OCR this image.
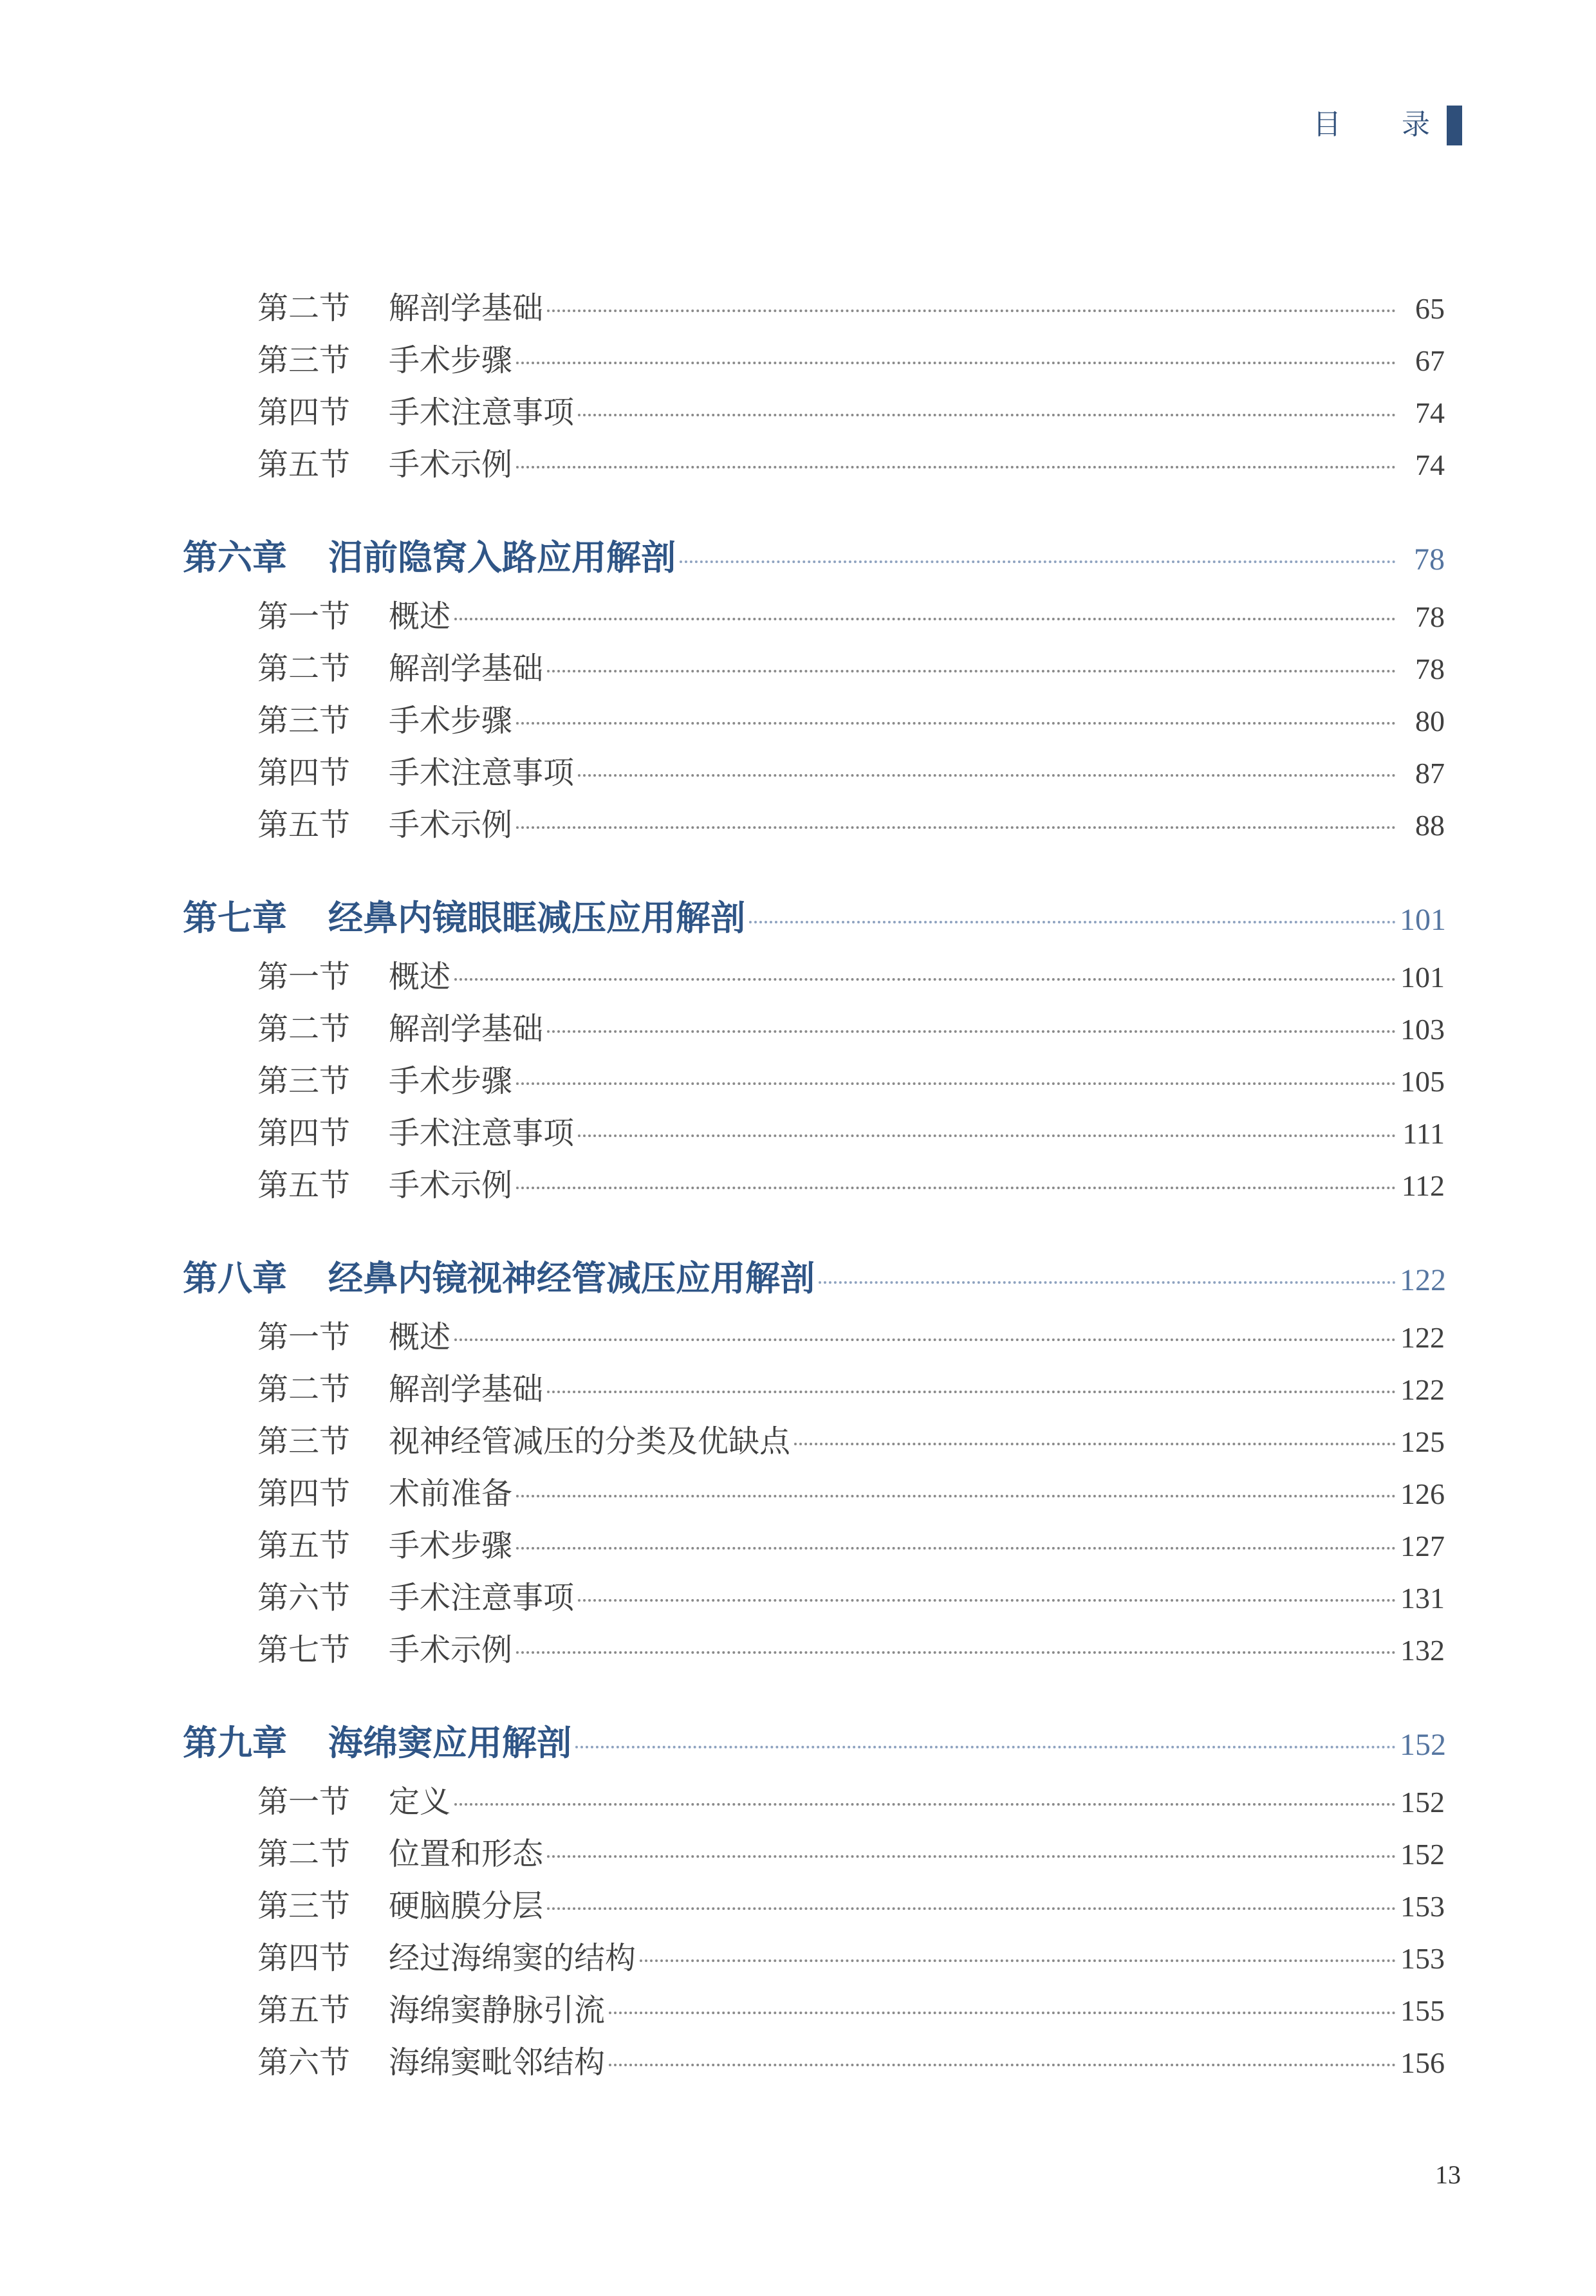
目 录
第二节	解剖学基础	65
第三节	手术步骤	67
第四节	手术注意事项	74
第五节	手术示例	74
第六章	泪前隐窝入路应用解剖	78
第一节	概述	78
第二节	解剖学基础	78
第三节	手术步骤	80
第四节	手术注意事项	87
第五节	手术示例	88
第七章	经鼻内镜眼眶减压应用解剖	101
第一节	概述	101
第二节	解剖学基础	103
第三节	手术步骤	105
第四节	手术注意事项	111
第五节	手术示例	112
第八章	经鼻内镜视神经管减压应用解剖	122
第一节	概述	122
第二节	解剖学基础	122
第三节	视神经管减压的分类及优缺点	125
第四节	术前准备	126
第五节	手术步骤	127
第六节	手术注意事项	131
第七节	手术示例	132
第九章	海绵窦应用解剖	152
第一节	定义	152
第二节	位置和形态	152
第三节	硬脑膜分层	153
第四节	经过海绵窦的结构	153
第五节	海绵窦静脉引流	155
第六节	海绵窦毗邻结构	156
13
